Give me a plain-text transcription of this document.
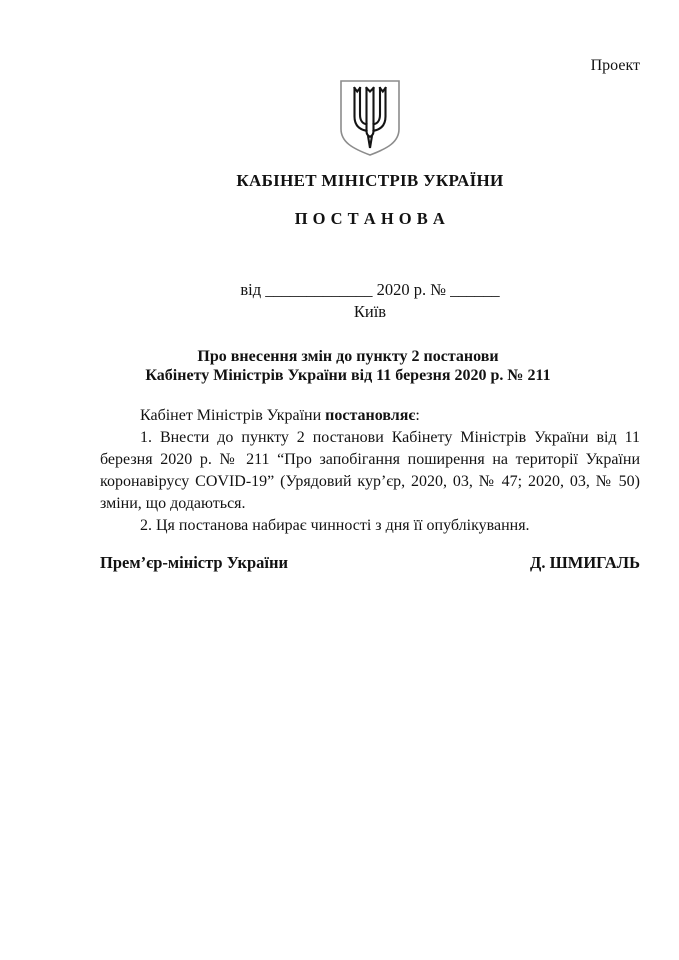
Проект
КАБІНЕТ МІНІСТРІВ УКРАЇНИ
П О С Т А Н О В А
від _____________ 2020 р. № ______
Київ
Про внесення змін до пункту 2 постанови
Кабінету Міністрів України від 11 березня 2020 р. № 211

Кабінет Міністрів України постановляє:

1. Внести до пункту 2 постанови Кабінету Міністрів України від 11
березня 2020 р. № 211 “Про запобігання поширення на території України
коронавірусу COVID-19” (Урядовий кур’єр, 2020, 03, № 47; 2020, 03, № 50)
зміни, що додаються.
2. Ця постанова набирає чинності з дня її опублікування.
Прем’єр-міністр України	Д. ШМИГАЛЬ
